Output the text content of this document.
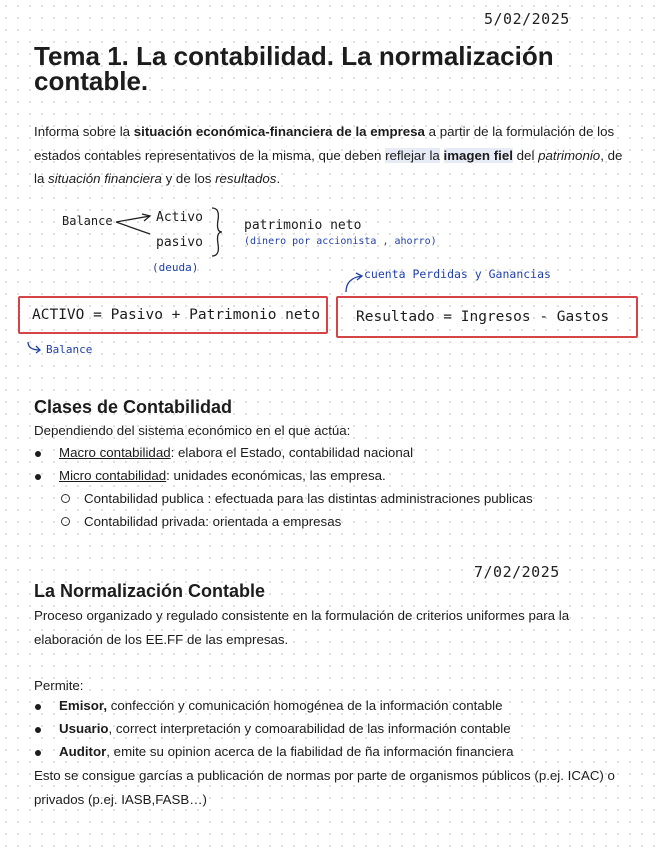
5/02/2025
Tema 1. La contabilidad. La normalización contable.
Informa sobre la situación económica-financiera de la empresa a partir de la formulación de los estados contables representativos de la misma, que deben reflejar la imagen fiel del patrimonio, de la situación financiera y de los resultados.
Balance	Activo
pasivo
(deuda)
patrimonio neto
(dinero por accionista , ahorro)
cuenta Perdidas y Ganancias
ACTIVO = Pasivo + Patrimonio neto Resultado = Ingresos - Gastos
Balance
Clases de Contabilidad
Dependiendo del sistema económico en el que actúa:
Macro contabilidad: elabora el Estado, contabilidad nacional
Micro contabilidad: unidades económicas, las empresa.
Contabilidad publica : efectuada para las distintas administraciones publicas
Contabilidad privada: orientada a empresas
7/02/2025
La Normalización Contable
Proceso organizado y regulado consistente en la formulación de criterios uniformes para la elaboración de los EE.FF de las empresas.
Permite:
Emisor, confección y comunicación homogénea de la información contable
Usuario, correct interpretación y comoarabilidad de las información contable
Auditor, emite su opinion acerca de la fiabilidad de ña información financiera
Esto se consigue garcías a publicación de normas por parte de organismos públicos (p.ej. ICAC) o privados (p.ej. IASB,FASB…)
